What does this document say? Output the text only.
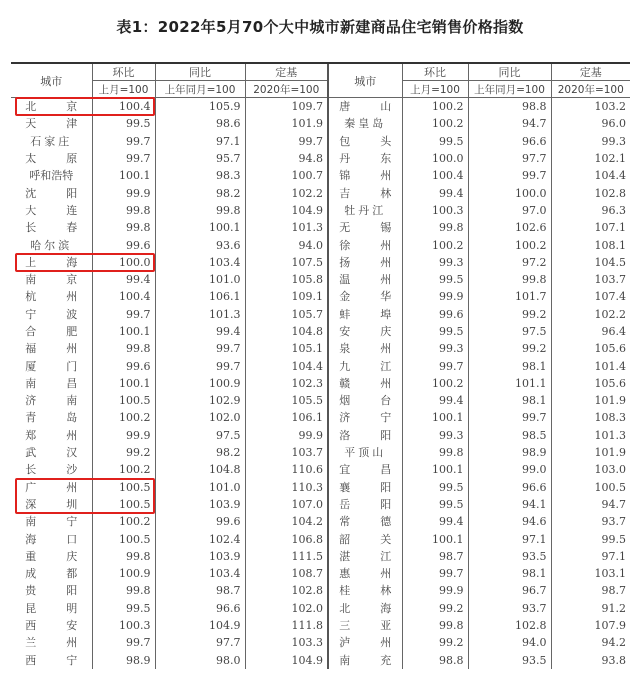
表1：2022年5月70个大中城市新建商品住宅销售价格指数
城市	环比	同比	定基	城市	环比	同比	定基
	上月=100	上年同月=100	2020年=100		上月=100	上年同月=100	2020年=100
北 京	100.4	105.9	109.7	唐 山	100.2	98.8	103.2
天 津	99.5	98.6	101.9	秦皇岛	100.2	94.7	96.0
石家庄	99.7	97.1	99.7	包 头	99.5	96.6	99.3
太 原	99.7	95.7	94.8	丹 东	100.0	97.7	102.1
呼和浩特	100.1	98.3	100.7	锦 州	100.4	99.7	104.4
沈 阳	99.9	98.2	102.2	吉 林	99.4	100.0	102.8
大 连	99.8	99.8	104.9	牡丹江	100.3	97.0	96.3
长 春	99.8	100.1	101.3	无 锡	99.8	102.6	107.1
哈尔滨	99.6	93.6	94.0	徐 州	100.2	100.2	108.1
上 海	100.0	103.4	107.5	扬 州	99.3	97.2	104.5
南 京	99.4	101.0	105.8	温 州	99.5	99.8	103.7
杭 州	100.4	106.1	109.1	金 华	99.9	101.7	107.4
宁 波	99.7	101.3	105.7	蚌 埠	99.6	99.2	102.2
合 肥	100.1	99.4	104.8	安 庆	99.5	97.5	96.4
福 州	99.8	99.7	105.1	泉 州	99.3	99.2	105.6
厦 门	99.6	99.7	104.4	九 江	99.7	98.1	101.4
南 昌	100.1	100.9	102.3	赣 州	100.2	101.1	105.6
济 南	100.5	102.9	105.5	烟 台	99.4	98.1	101.9
青 岛	100.2	102.0	106.1	济 宁	100.1	99.7	108.3
郑 州	99.9	97.5	99.9	洛 阳	99.3	98.5	101.3
武 汉	99.2	98.2	103.7	平顶山	99.8	98.9	101.9
长 沙	100.2	104.8	110.6	宜 昌	100.1	99.0	103.0
广 州	100.5	101.0	110.3	襄 阳	99.5	96.6	100.5
深 圳	100.5	103.9	107.0	岳 阳	99.5	94.1	94.7
南 宁	100.2	99.6	104.2	常 德	99.4	94.6	93.7
海 口	100.5	102.4	106.8	韶 关	100.1	97.1	99.5
重 庆	99.8	103.9	111.5	湛 江	98.7	93.5	97.1
成 都	100.9	103.4	108.7	惠 州	99.7	98.1	103.1
贵 阳	99.8	98.7	102.8	桂 林	99.9	96.7	98.7
昆 明	99.5	96.6	102.0	北 海	99.2	93.7	91.2
西 安	100.3	104.9	111.8	三 亚	99.8	102.8	107.9
兰 州	99.7	97.7	103.3	泸 州	99.2	94.0	94.2
西 宁	98.9	98.0	104.9	南 充	98.8	93.5	93.8
